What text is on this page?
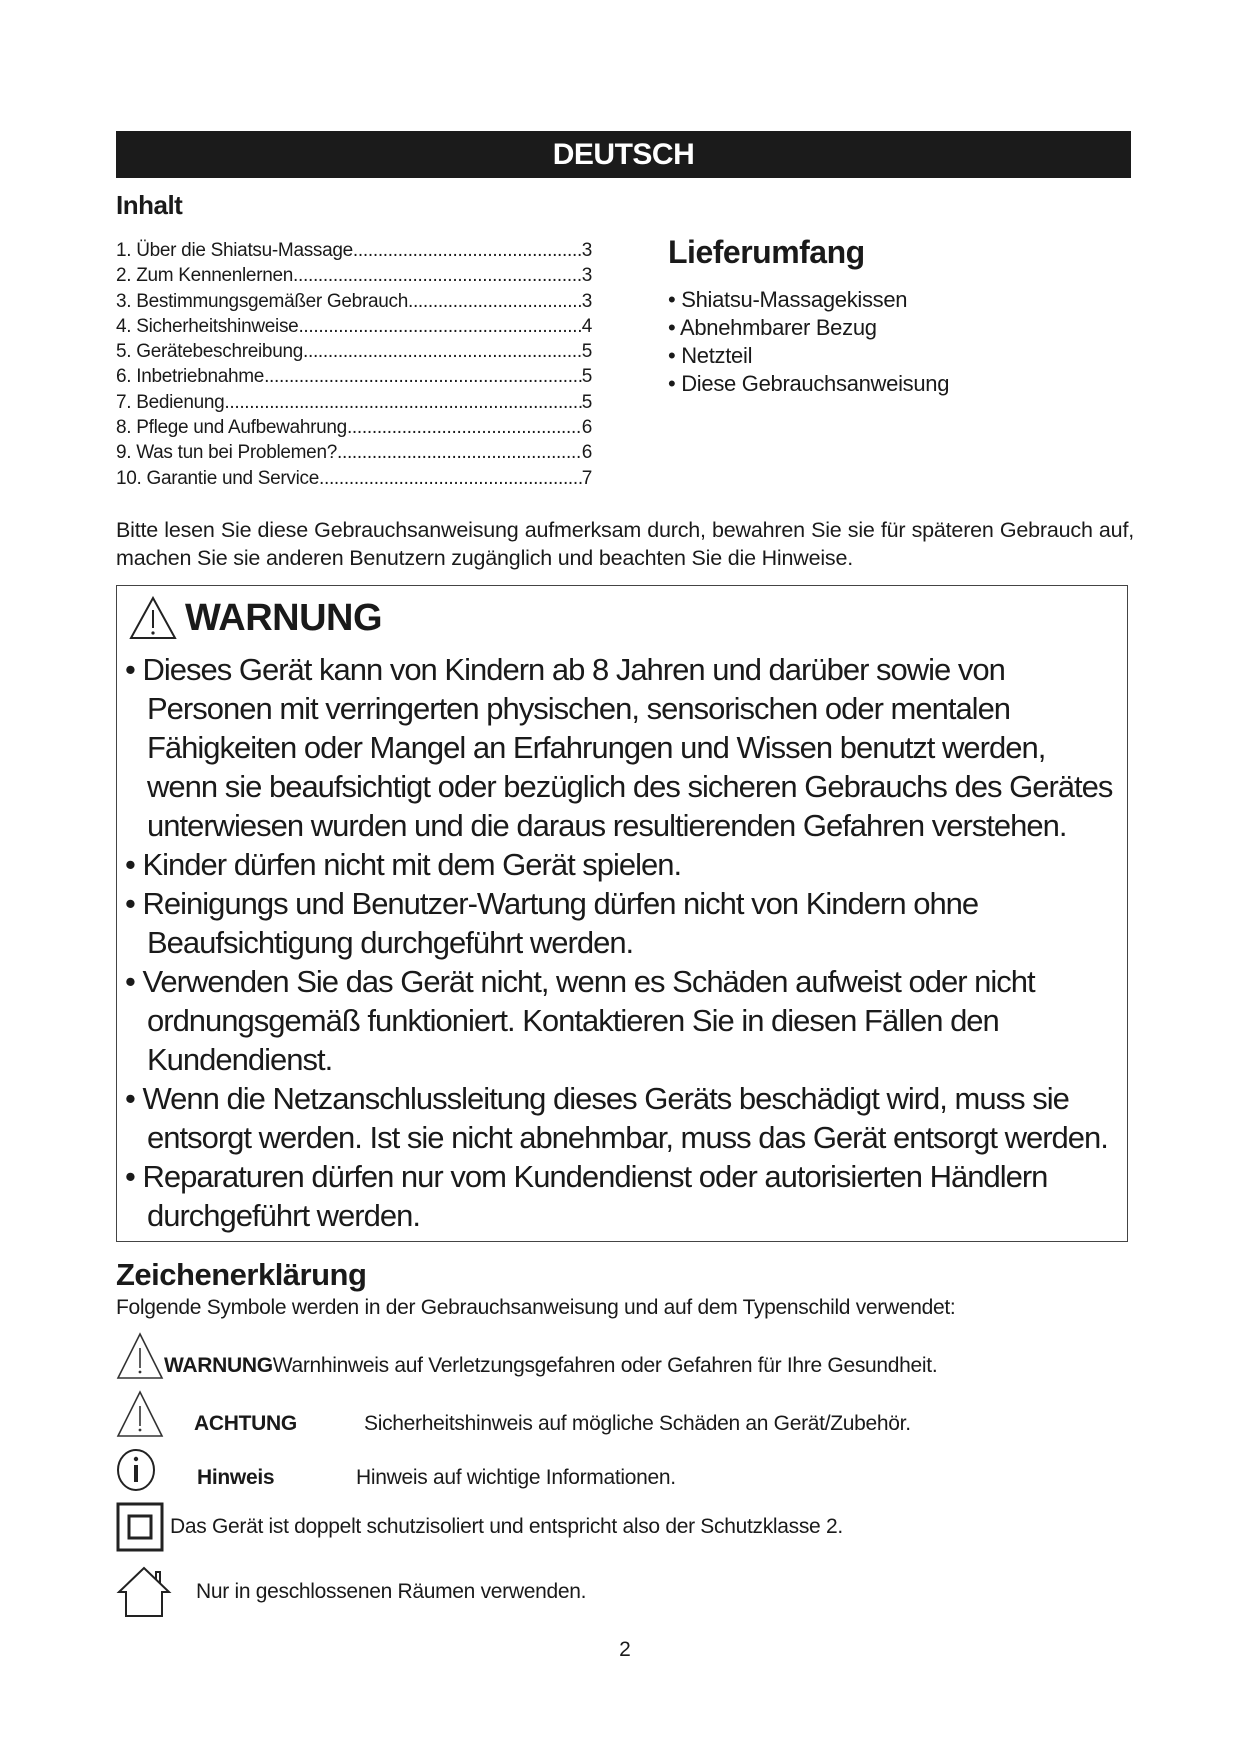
DEUTSCH
Inhalt
1. Über die Shiatsu-Massage .....	3
2. Zum Kennenlernen .....	3
3. Bestimmungsgemäßer Gebrauch .....	3
4. Sicherheitshinweise .....	4
5. Gerätebeschreibung .....	5
6. Inbetriebnahme .....	5
7. Bedienung .....	5
8. Pflege und Aufbewahrung .....	6
9. Was tun bei Problemen? .....	6
10. Garantie und Service .....	7
Lieferumfang
• Shiatsu-Massagekissen
• Abnehmbarer Bezug
• Netzteil
• Diese Gebrauchsanweisung
Bitte lesen Sie diese Gebrauchsanweisung aufmerksam durch, bewahren Sie sie für späteren Gebrauch auf, machen Sie sie anderen Benutzern zugänglich und beachten Sie die Hinweise.
WARNUNG
• Dieses Gerät kann von Kindern ab 8 Jahren und darüber sowie von Personen mit verringerten physischen, sensorischen oder mentalen Fähigkeiten oder Mangel an Erfahrungen und Wissen benutzt werden, wenn sie beaufsichtigt oder bezüglich des sicheren Gebrauchs des Gerätes unterwiesen wurden und die daraus resultierenden Gefahren verstehen.
• Kinder dürfen nicht mit dem Gerät spielen.
• Reinigungs und Benutzer-Wartung dürfen nicht von Kindern ohne Beaufsichtigung durchgeführt werden.
• Verwenden Sie das Gerät nicht, wenn es Schäden aufweist oder nicht ordnungsgemäß funktioniert. Kontaktieren Sie in diesen Fällen den Kundendienst.
• Wenn die Netzanschlussleitung dieses Geräts beschädigt wird, muss sie entsorgt werden. Ist sie nicht abnehmbar, muss das Gerät entsorgt werden.
• Reparaturen dürfen nur vom Kundendienst oder autorisierten Händlern durchgeführt werden.
Zeichenerklärung
Folgende Symbole werden in der Gebrauchsanweisung und auf dem Typenschild verwendet:
WARNUNG Warnhinweis auf Verletzungsgefahren oder Gefahren für Ihre Gesundheit.
ACHTUNG	Sicherheitshinweis auf mögliche Schäden an Gerät/Zubehör.
Hinweis	Hinweis auf wichtige Informationen.
Das Gerät ist doppelt schutzisoliert und entspricht also der Schutzklasse 2.
Nur in geschlossenen Räumen verwenden.
2
